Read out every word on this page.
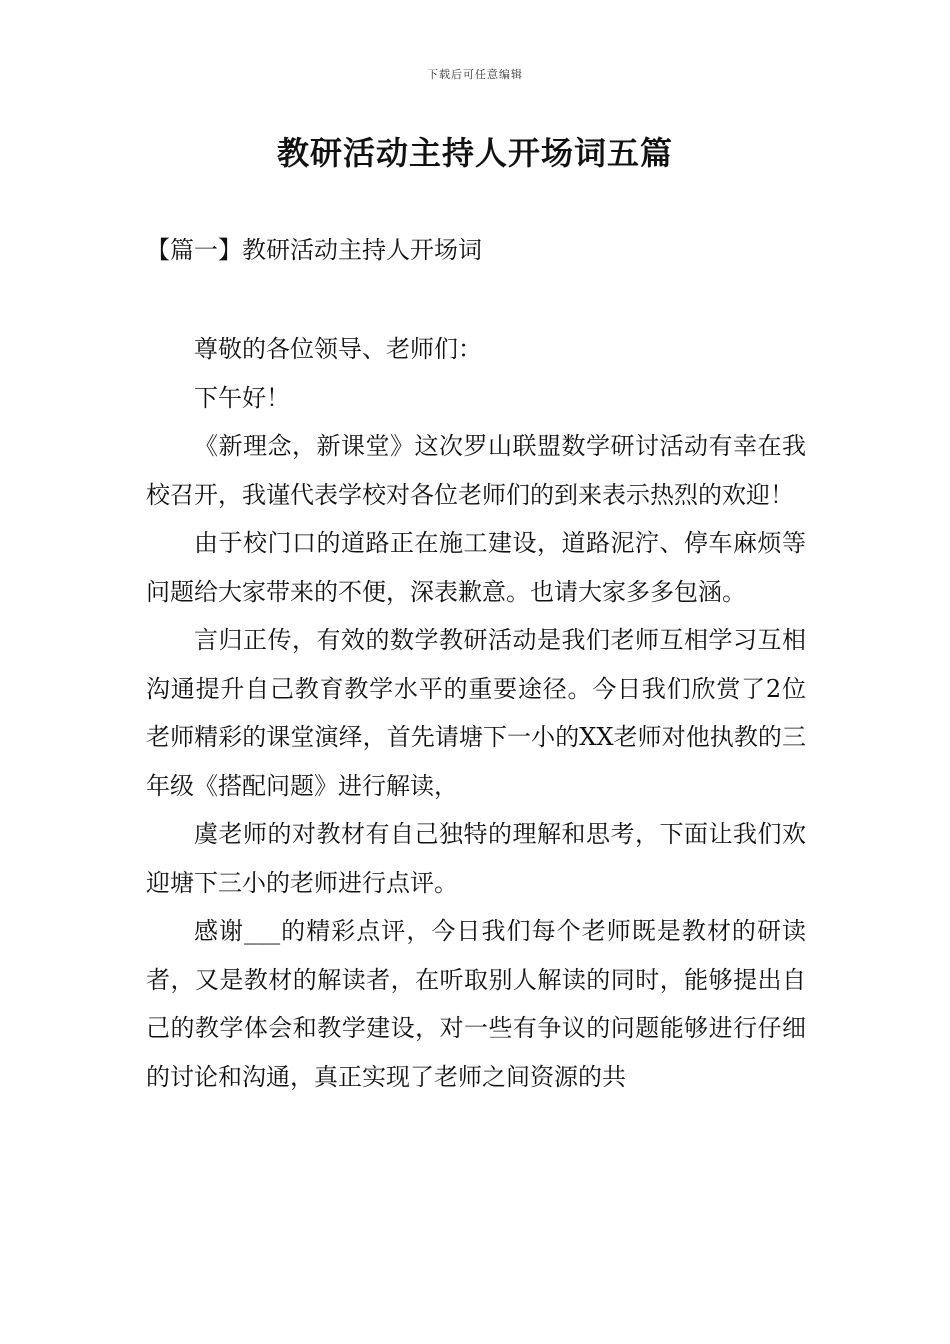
下载后可任意编辑
教研活动主持人开场词五篇
【篇一】教研活动主持人开场词

尊敬的各位领导、老师们：

下午好！

《新理念，新课堂》这次罗山联盟数学研讨活动有幸在我校召开，我谨代表学校对各位老师们的到来表示热烈的欢迎！

由于校门口的道路正在施工建设，道路泥泞、停车麻烦等问题给大家带来的不便，深表歉意。也请大家多多包涵。

言归正传，有效的数学教研活动是我们老师互相学习互相沟通提升自己教育教学水平的重要途径。今日我们欣赏了2位老师精彩的课堂演绎，首先请塘下一小的XX老师对他执教的三年级《搭配问题》进行解读，

虞老师的对教材有自己独特的理解和思考，下面让我们欢迎塘下三小的老师进行点评。

感谢___的精彩点评，今日我们每个老师既是教材的研读者，又是教材的解读者，在听取别人解读的同时，能够提出自己的教学体会和教学建设，对一些有争议的问题能够进行仔细的讨论和沟通，真正实现了老师之间资源的共
